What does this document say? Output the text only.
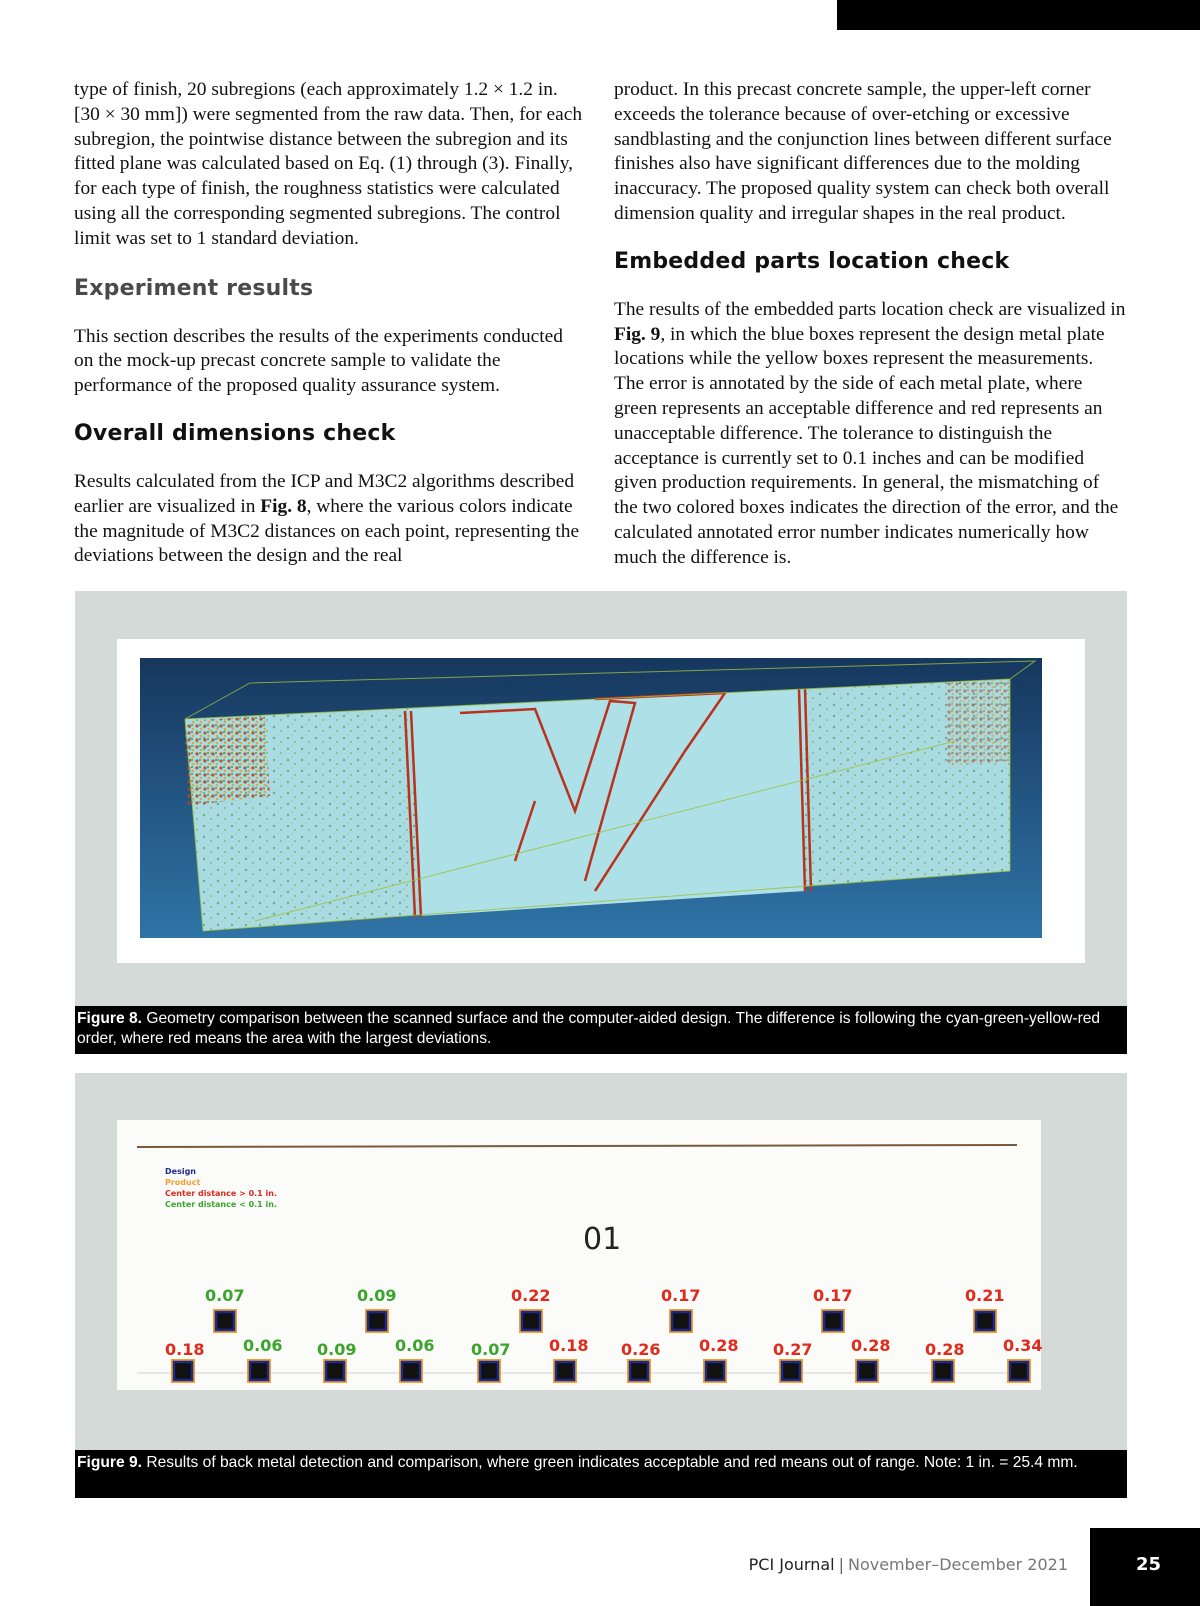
type of finish, 20 subregions (each approximately 1.2 × 1.2 in. [30 × 30 mm]) were segmented from the raw data. Then, for each subregion, the pointwise distance between the subregion and its fitted plane was calculated based on Eq. (1) through (3). Finally, for each type of finish, the roughness statistics were calculated using all the corresponding segmented subregions. The control limit was set to 1 standard deviation.

Experiment results

This section describes the results of the experiments conducted on the mock-up precast concrete sample to validate the performance of the proposed quality assurance system.

Overall dimensions check

Results calculated from the ICP and M3C2 algorithms described earlier are visualized in Fig. 8, where the various colors indicate the magnitude of M3C2 distances on each point, representing the deviations between the design and the real

product. In this precast concrete sample, the upper-left corner exceeds the tolerance because of over-etching or excessive sandblasting and the conjunction lines between different surface finishes also have significant differences due to the molding inaccuracy. The proposed quality system can check both overall dimension quality and irregular shapes in the real product.

Embedded parts location check

The results of the embedded parts location check are visualized in Fig. 9, in which the blue boxes represent the design metal plate locations while the yellow boxes represent the measurements. The error is annotated by the side of each metal plate, where green represents an acceptable difference and red represents an unacceptable difference. The tolerance to distinguish the acceptance is currently set to 0.1 inches and can be modified given production requirements. In general, the mismatching of the two colored boxes indicates the direction of the error, and the calculated annotated error number indicates numerically how much the difference is.

Figure 8. Geometry comparison between the scanned surface and the computer-aided design. The difference is following the cyan-green-yellow-red order, where red means the area with the largest deviations.
Design
Product
Center distance > 0.1 in.
Center distance < 0.1 in.
01
0.07
0.18 0.06
0.09
0.09 0.06
0.22
0.07 0.18
0.17
0.26 0.28
0.17
0.27 0.28
0.21
0.28 0.34
Figure 9. Results of back metal detection and comparison, where green indicates acceptable and red means out of range. Note: 1 in. = 25.4 mm.
PCI Journal | November–December 2021	25
